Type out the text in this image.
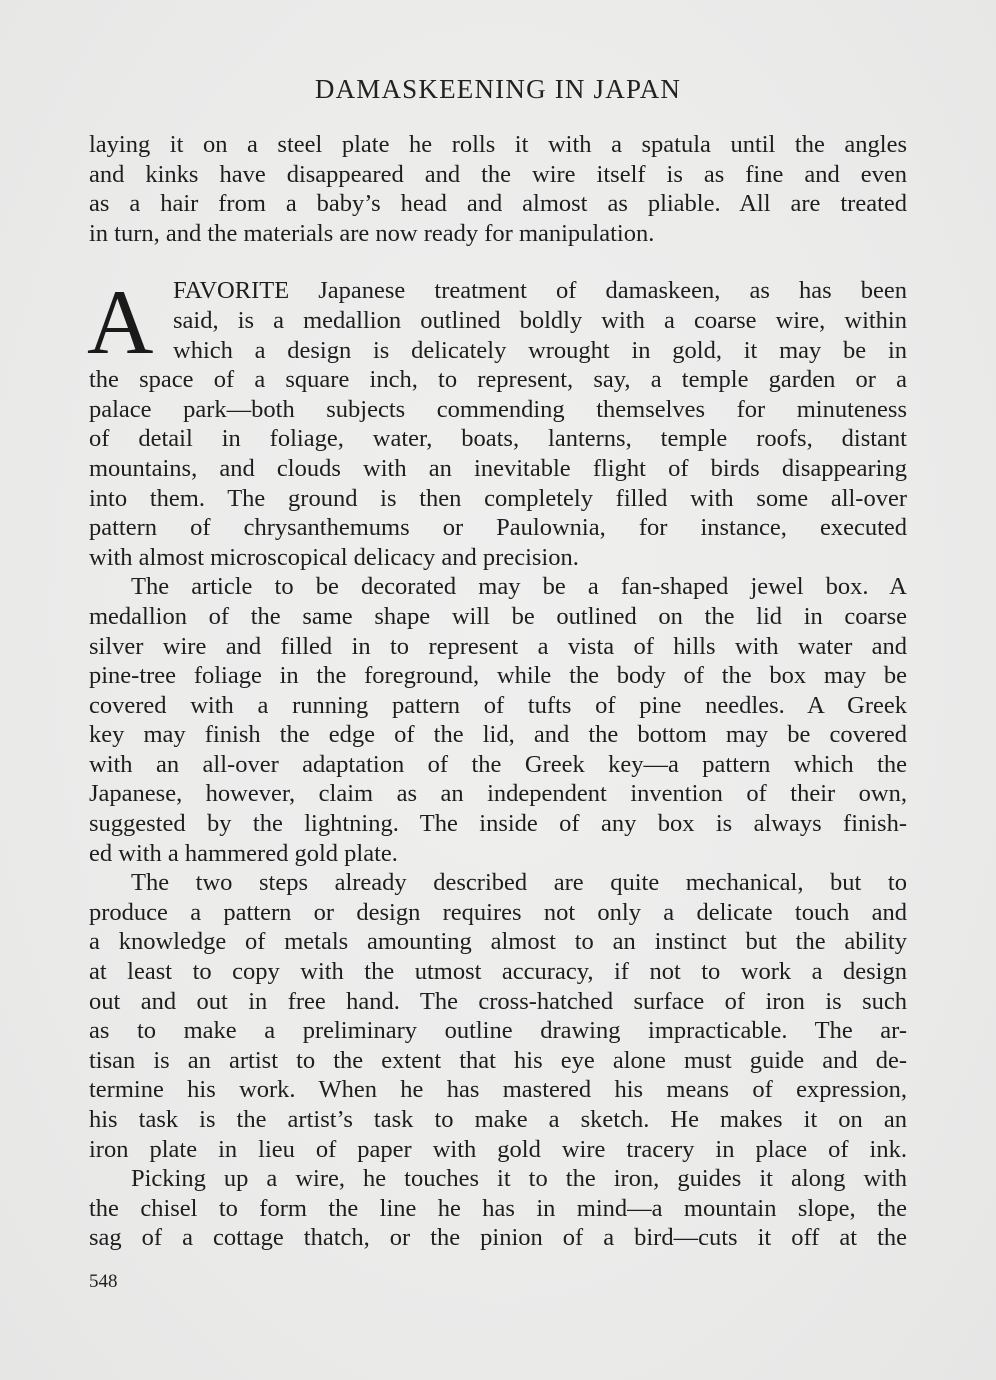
DAMASKEENING IN JAPAN
laying it on a steel plate he rolls it with a spatula until the angles
and kinks have disappeared and the wire itself is as fine and even
as a hair from a baby’s head and almost as pliable. All are treated
in turn, and the materials are now ready for manipulation.
A FAVORITE Japanese treatment of damaskeen, as has been
said, is a medallion outlined boldly with a coarse wire, within
which a design is delicately wrought in gold, it may be in
the space of a square inch, to represent, say, a temple garden or a
palace park—both subjects commending themselves for minuteness
of detail in foliage, water, boats, lanterns, temple roofs, distant
mountains, and clouds with an inevitable flight of birds disappearing
into them. The ground is then completely filled with some all-over
pattern of chrysanthemums or Paulownia, for instance, executed
with almost microscopical delicacy and precision.
The article to be decorated may be a fan-shaped jewel box. A
medallion of the same shape will be outlined on the lid in coarse
silver wire and filled in to represent a vista of hills with water and
pine-tree foliage in the foreground, while the body of the box may be
covered with a running pattern of tufts of pine needles. A Greek
key may finish the edge of the lid, and the bottom may be covered
with an all-over adaptation of the Greek key—a pattern which the
Japanese, however, claim as an independent invention of their own,
suggested by the lightning. The inside of any box is always finish-
ed with a hammered gold plate.
The two steps already described are quite mechanical, but to
produce a pattern or design requires not only a delicate touch and
a knowledge of metals amounting almost to an instinct but the ability
at least to copy with the utmost accuracy, if not to work a design
out and out in free hand. The cross-hatched surface of iron is such
as to make a preliminary outline drawing impracticable. The ar-
tisan is an artist to the extent that his eye alone must guide and de-
termine his work. When he has mastered his means of expression,
his task is the artist’s task to make a sketch. He makes it on an
iron plate in lieu of paper with gold wire tracery in place of ink.
Picking up a wire, he touches it to the iron, guides it along with
the chisel to form the line he has in mind—a mountain slope, the
sag of a cottage thatch, or the pinion of a bird—cuts it off at the
548
